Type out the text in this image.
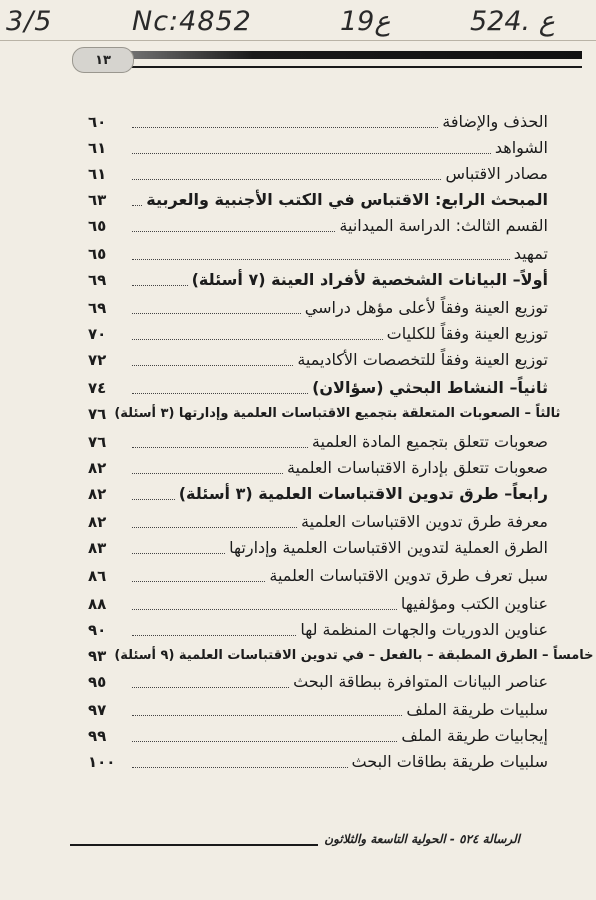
3/5	Nc:4852	ع19	524. ع
١٣
٦٠	الحذف والإضافة
٦١	الشواهد
٦١	مصادر الاقتباس
٦٣	المبحث الرابع: الاقتباس في الكتب الأجنبية والعربية
٦٥	القسم الثالث: الدراسة الميدانية
٦٥	تمهيد
٦٩	أولاً– البيانات الشخصية لأفراد العينة (٧ أسئلة)
٦٩	توزيع العينة وفقاً لأعلى مؤهل دراسي
٧٠	توزيع العينة وفقاً للكليات
٧٢	توزيع العينة وفقاً للتخصصات الأكاديمية
٧٤	ثانياً– النشاط البحثي (سؤالان)
٧٦ ثالثاً – الصعوبات المتعلقة بتجميع الاقتباسات العلمية وإدارتها (٣ أسئلة)
٧٦	صعوبات تتعلق بتجميع المادة العلمية
٨٢	صعوبات تتعلق بإدارة الاقتباسات العلمية
٨٢	رابعاً– طرق تدوين الاقتباسات العلمية (٣ أسئلة)
٨٢	معرفة طرق تدوين الاقتباسات العلمية
٨٣	الطرق العملية لتدوين الاقتباسات العلمية وإدارتها
٨٦	سبل تعرف طرق تدوين الاقتباسات العلمية
٨٨	عناوين الكتب ومؤلفيها
٩٠	عناوين الدوريات والجهات المنظمة لها
٩٣ خامساً – الطرق المطبقة – بالفعل – في تدوين الاقتباسات العلمية (٩ أسئلة)
٩٥	عناصر البيانات المتوافرة ببطاقة البحث
٩٧	سلبيات طريقة الملف
٩٩	إيجابيات طريقة الملف
١٠٠	سلبيات طريقة بطاقات البحث
الرسالة ٥٢٤ - الحولية التاسعة والثلاثون
